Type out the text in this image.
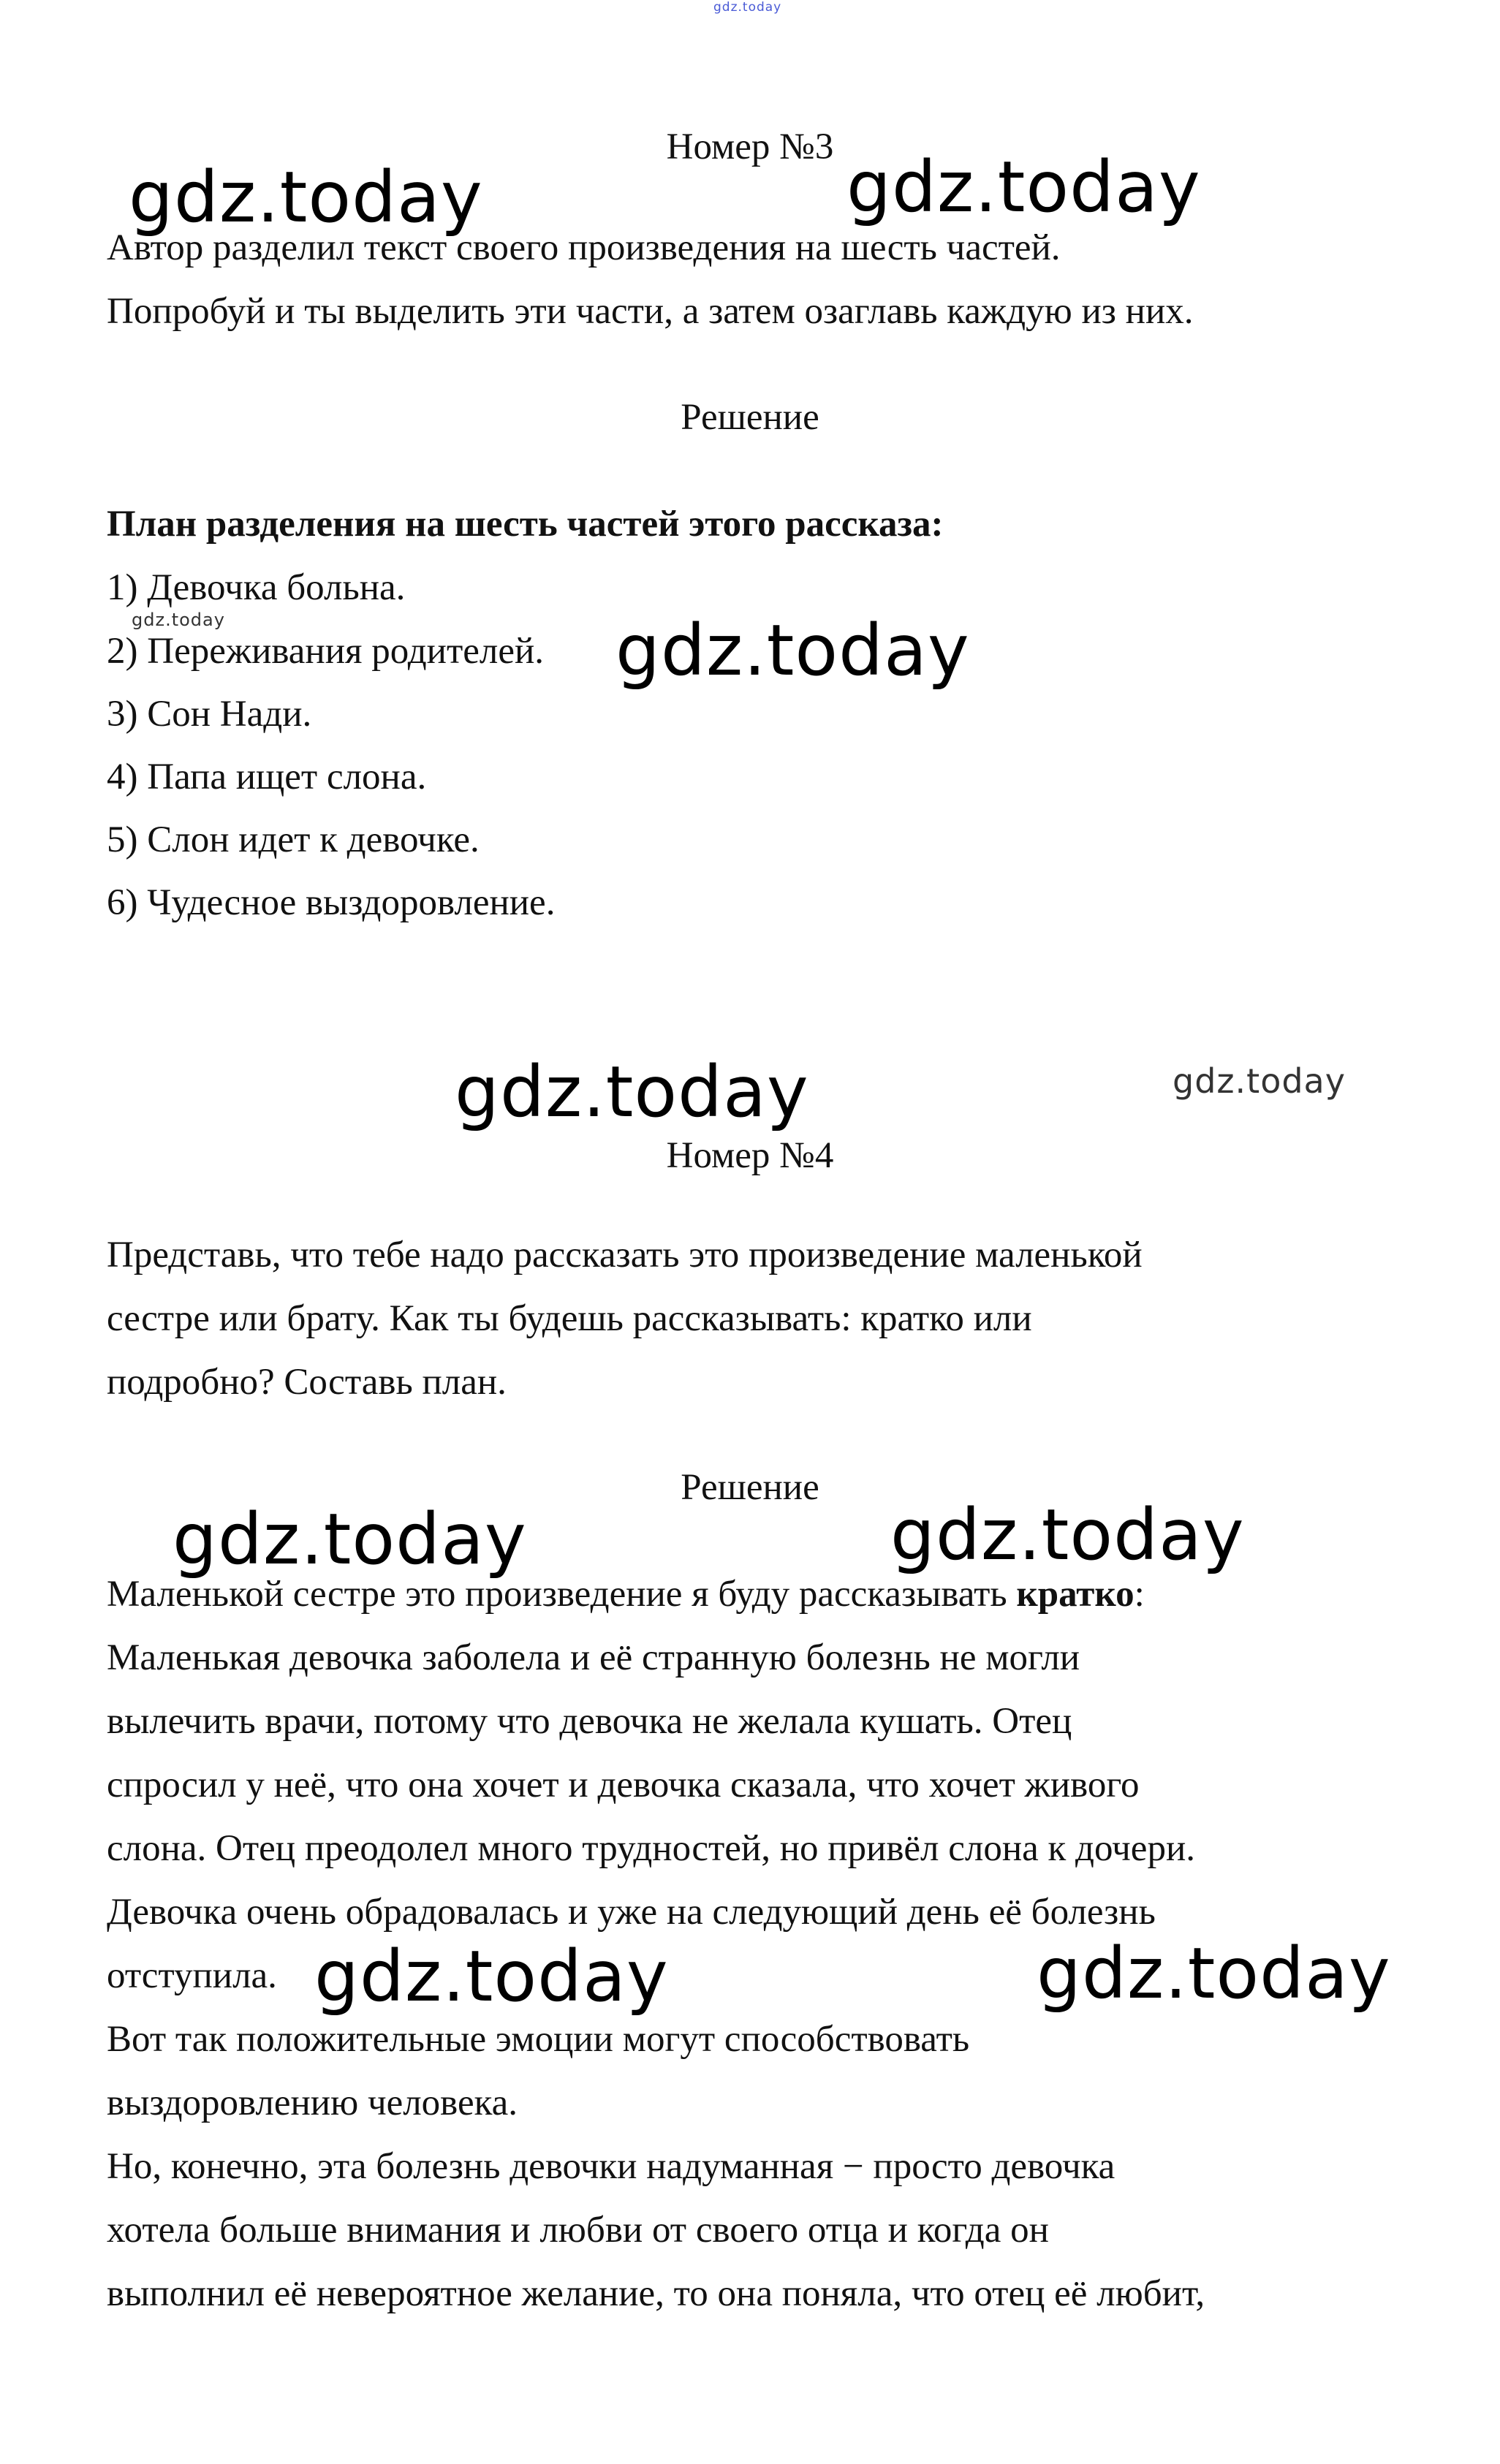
gdz.today
Номер №3
gdz.today	gdz.today
Автор разделил текст своего произведения на шесть частей.
Попробуй и ты выделить эти части, а затем озаглавь каждую из них.
Решение
План разделения на шесть частей этого рассказа:
1) Девочка больна.
gdz.today
2) Переживания родителей. gdz.today
3) Сон Нади.
4) Папа ищет слона.
5) Слон идет к девочке.
6) Чудесное выздоровление.
gdz.today	gdz.today
Номер №4
Представь, что тебе надо рассказать это произведение маленькой
сестре или брату. Как ты будешь рассказывать: кратко или
подробно? Составь план.
Решение
gdz.today	gdz.today
Маленькой сестре это произведение я буду рассказывать кратко:
Маленькая девочка заболела и её странную болезнь не могли
вылечить врачи, потому что девочка не желала кушать. Отец
спросил у неё, что она хочет и девочка сказала, что хочет живого
слона. Отец преодолел много трудностей, но привёл слона к дочери.
Девочка очень обрадовалась и уже на следующий день её болезнь
отступила. gdz.today	gdz.today
Вот так положительные эмоции могут способствовать
выздоровлению человека.
Но, конечно, эта болезнь девочки надуманная − просто девочка
хотела больше внимания и любви от своего отца и когда он
выполнил её невероятное желание, то она поняла, что отец её любит,
